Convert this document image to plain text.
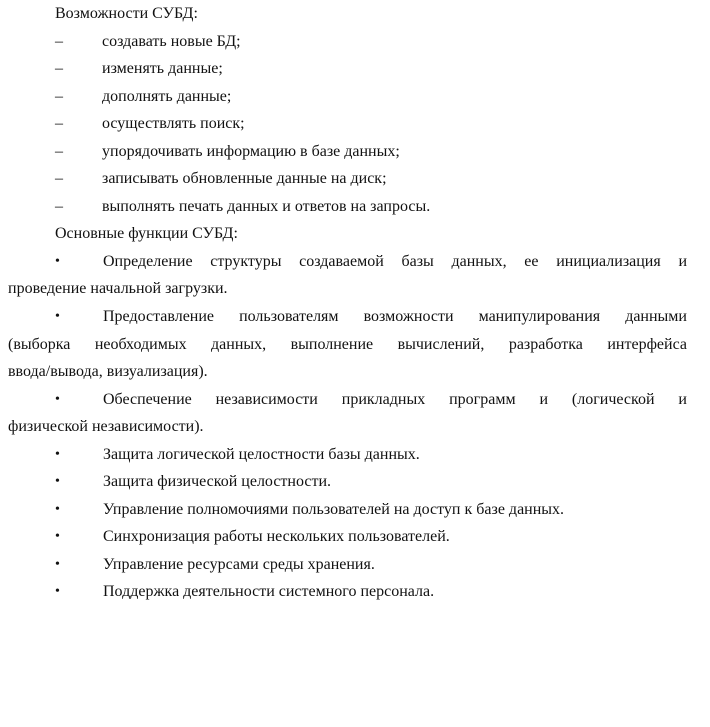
Возможности СУБД:
– создавать новые БД;
– изменять данные;
– дополнять данные;
– осуществлять поиск;
– упорядочивать информацию в базе данных;
– записывать обновленные данные на диск;
– выполнять печать данных и ответов на запросы.
Основные функции СУБД:
•	Определение структуры создаваемой базы данных, ее инициализация и
проведение начальной загрузки.
•	Предоставление пользователям возможности манипулирования данными
(выборка необходимых данных, выполнение вычислений, разработка интерфейса
ввода/вывода, визуализация).
•	Обеспечение независимости прикладных программ и (логической и
физической независимости).
•	Защита логической целостности базы данных.
•	Защита физической целостности.
•	Управление полномочиями пользователей на доступ к базе данных.
•	Синхронизация работы нескольких пользователей.
•	Управление ресурсами среды хранения.
•	Поддержка деятельности системного персонала.
